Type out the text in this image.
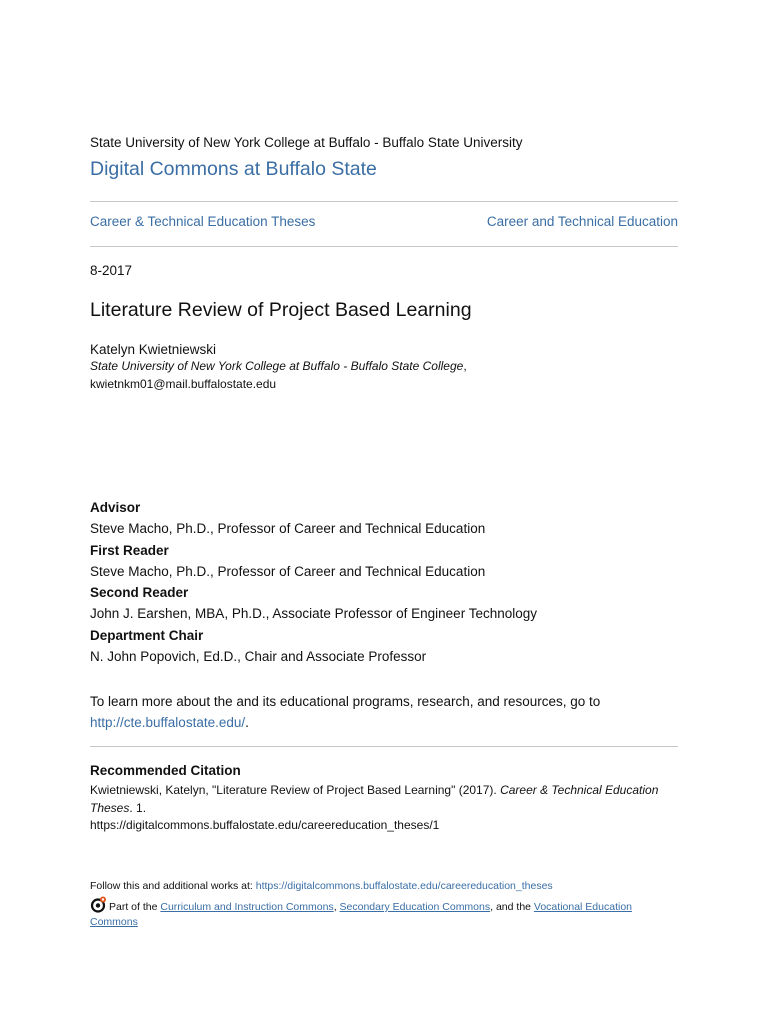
State University of New York College at Buffalo - Buffalo State University
Digital Commons at Buffalo State
Career & Technical Education Theses	Career and Technical Education
8-2017
Literature Review of Project Based Learning
Katelyn Kwietniewski
State University of New York College at Buffalo - Buffalo State College,
kwietnkm01@mail.buffalostate.edu
Advisor
Steve Macho, Ph.D., Professor of Career and Technical Education
First Reader
Steve Macho, Ph.D., Professor of Career and Technical Education
Second Reader
John J. Earshen, MBA, Ph.D., Associate Professor of Engineer Technology
Department Chair
N. John Popovich, Ed.D., Chair and Associate Professor
To learn more about the and its educational programs, research, and resources, go to
http://cte.buffalostate.edu/.
Recommended Citation
Kwietniewski, Katelyn, "Literature Review of Project Based Learning" (2017). Career & Technical Education Theses. 1.
https://digitalcommons.buffalostate.edu/careereducation_theses/1
Follow this and additional works at: https://digitalcommons.buffalostate.edu/careereducation_theses
Part of the Curriculum and Instruction Commons, Secondary Education Commons, and the Vocational Education Commons
